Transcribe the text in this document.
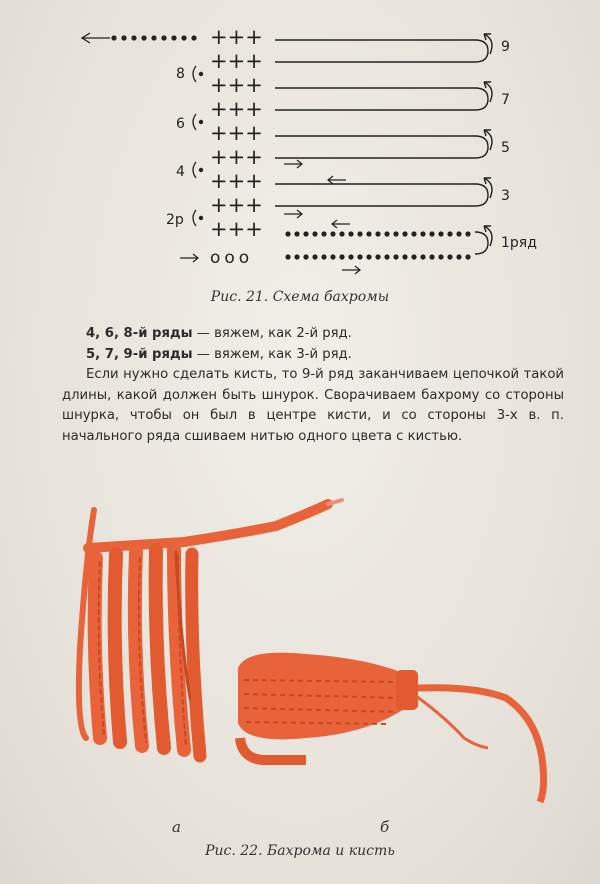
+++	9
7
5
3
1ряд
+++
+++
+++
+++
+++
+++
+++
+++
8
6
4
2р
ооо
Рис. 21. Схема бахромы

4, 6, 8-й ряды — вяжем, как 2-й ряд.

5, 7, 9-й ряды — вяжем, как 3-й ряд.

Если нужно сделать кисть, то 9-й ряд заканчиваем цепочкой такой длины, какой должен быть шнурок. Сворачиваем бахрому со стороны шнурка, чтобы он был в центре кисти, и со стороны 3-х в. п. начального ряда сшиваем нитью одного цвета с кистью.

а	б
Рис. 22. Бахрома и кисть
